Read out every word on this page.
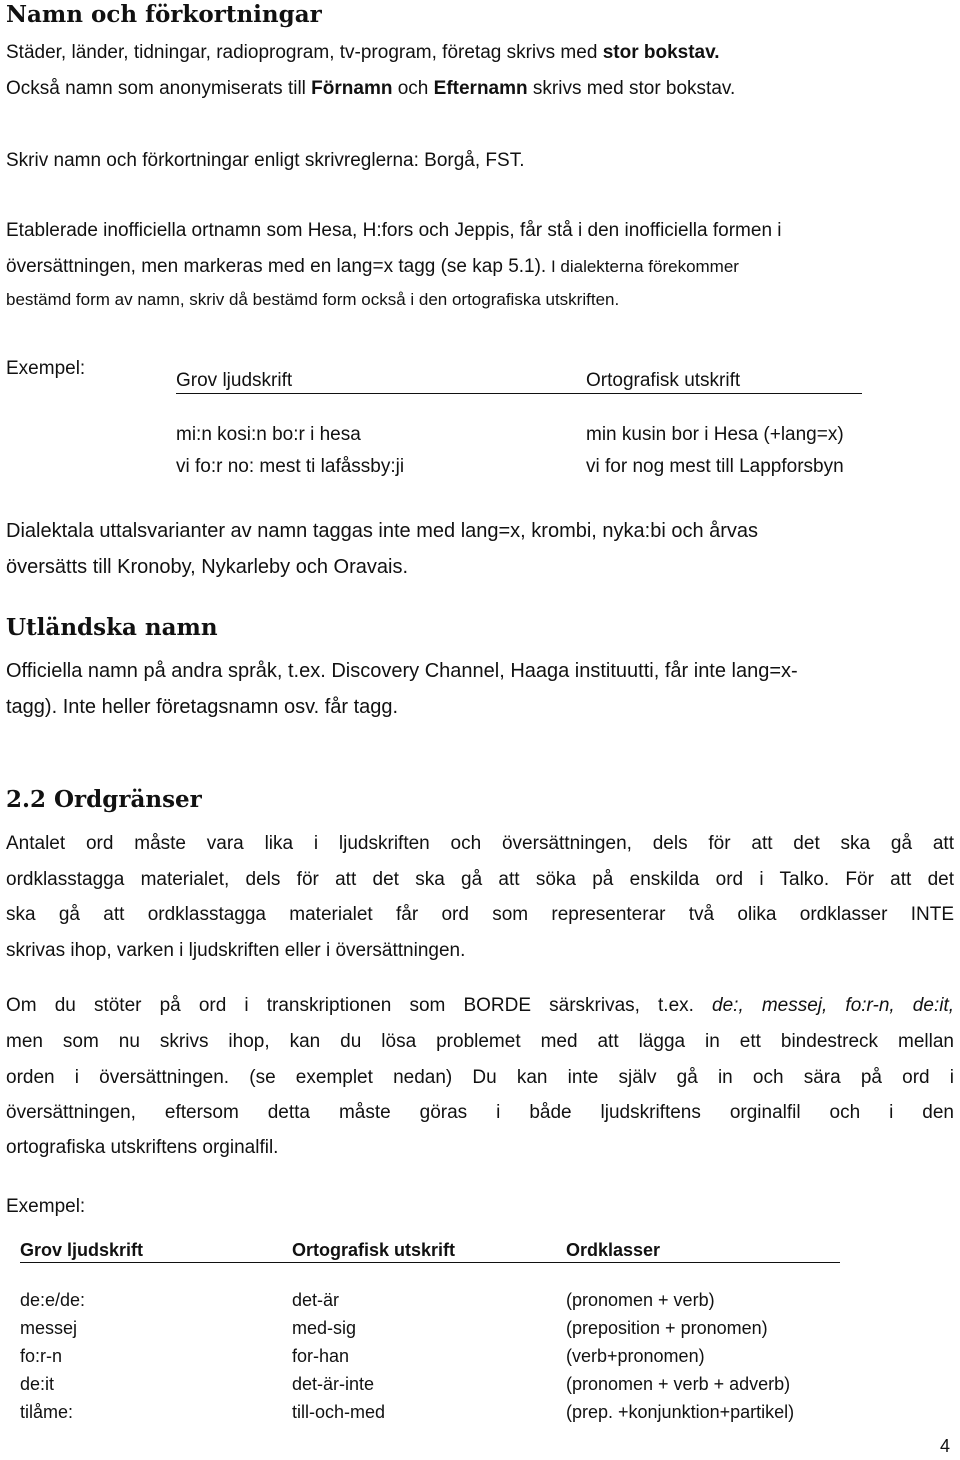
Namn och förkortningar
Städer, länder, tidningar, radioprogram, tv-program, företag skrivs med stor bokstav.
Också namn som anonymiserats till Förnamn och Efternamn skrivs med stor bokstav.
Skriv namn och förkortningar enligt skrivreglerna: Borgå, FST.
Etablerade inofficiella ortnamn som Hesa, H:fors och Jeppis, får stå i den inofficiella formen i
översättningen, men markeras med en lang=x tagg (se kap 5.1). I dialekterna förekommer
bestämd form av namn, skriv då bestämd form också i den ortografiska utskriften.
Exempel:
Grov ljudskrift	Ortografisk utskrift
mi:n kosi:n bo:r i hesa	min kusin bor i Hesa (+lang=x)
vi fo:r no: mest ti lafåssby:ji	vi for nog mest till Lappforsbyn
Dialektala uttalsvarianter av namn taggas inte med lang=x, krombi, nyka:bi och årvas
översätts till Kronoby, Nykarleby och Oravais.
Utländska namn
Officiella namn på andra språk, t.ex. Discovery Channel, Haaga instituutti, får inte lang=x-
tagg). Inte heller företagsnamn osv. får tagg.
2.2 Ordgränser
Antalet ord måste vara lika i ljudskriften och översättningen, dels för att det ska gå att
ordklasstagga materialet, dels för att det ska gå att söka på enskilda ord i Talko. För att det
ska gå att ordklasstagga materialet får ord som representerar två olika ordklasser INTE
skrivas ihop, varken i ljudskriften eller i översättningen.
Om du stöter på ord i transkriptionen som BORDE särskrivas, t.ex. de:, messej, fo:r-n, de:it,
men som nu skrivs ihop, kan du lösa problemet med att lägga in ett bindestreck mellan
orden i översättningen. (se exemplet nedan) Du kan inte själv gå in och sära på ord i
översättningen, eftersom detta måste göras i både ljudskriftens orginalfil och i den
ortografiska utskriftens orginalfil.
Exempel:
Grov ljudskrift	Ortografisk utskrift	Ordklasser
de:e/de:	det-är	(pronomen + verb)
messej	med-sig	(preposition + pronomen)
fo:r-n	for-han	(verb+pronomen)
de:it	det-är-inte	(pronomen + verb + adverb)
tilåme:	till-och-med	(prep. +konjunktion+partikel)
4
